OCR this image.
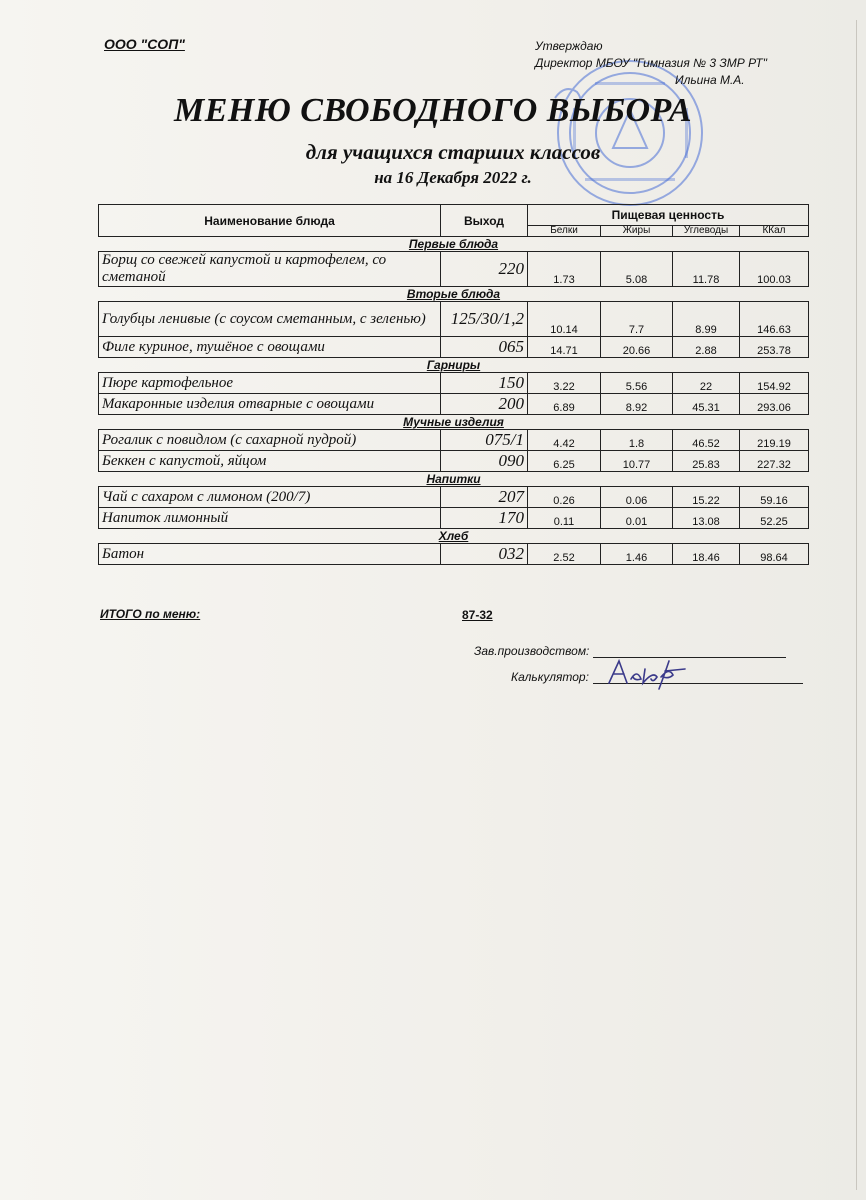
ООО "СОП"	Утверждаю
Директор МБОУ "Гимназия № 3 ЗМР РТ"
Ильина М.А.
МЕНЮ СВОБОДНОГО ВЫБОРА
для учащихся старших классов
на 16 Декабря 2022 г.
Наименование блюда	Выход	Пищевая ценность			
		Белки	Жиры	Углеводы	ККал
Первые блюда					
Борщ со свежей капустой и картофелем, со сметаной	220	1.73	5.08	11.78	100.03
Вторые блюда					
Голубцы ленивые (с соусом сметанным, с зеленью)	125/30/1,2	10.14	7.7	8.99	146.63
Филе куриное, тушёное с овощами	065	14.71	20.66	2.88	253.78
Гарниры					
Пюре картофельное	150	3.22	5.56	22	154.92
Макаронные изделия отварные с овощами	200	6.89	8.92	45.31	293.06
Мучные изделия					
Рогалик с повидлом (с сахарной пудрой)	075/1	4.42	1.8	46.52	219.19
Беккен с капустой, яйцом	090	6.25	10.77	25.83	227.32
Напитки					
Чай с сахаром с лимоном (200/7)	207	0.26	0.06	15.22	59.16
Напиток лимонный	170	0.11	0.01	13.08	52.25
Хлеб					
Батон	032	2.52	1.46	18.46	98.64
ИТОГО по меню:	87-32
Зав.производством:
Калькулятор:
